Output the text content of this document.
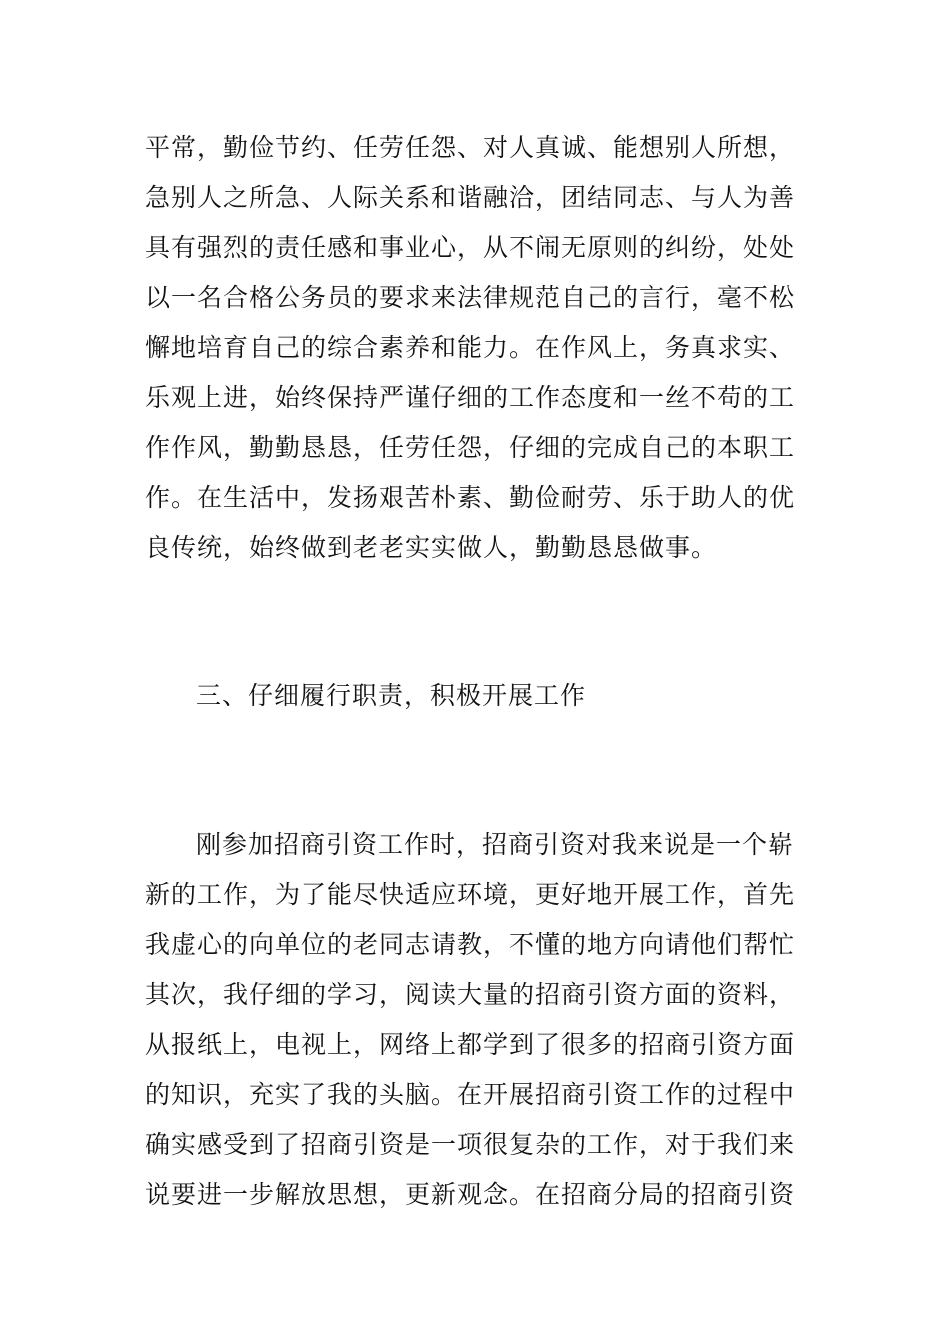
平常，勤俭节约、任劳任怨、对人真诚、能想别人所想，
急别人之所急、人际关系和谐融洽，团结同志、与人为善
具有强烈的责任感和事业心，从不闹无原则的纠纷，处处
以一名合格公务员的要求来法律规范自己的言行，毫不松
懈地培育自己的综合素养和能力。在作风上，务真求实、
乐观上进，始终保持严谨仔细的工作态度和一丝不苟的工
作作风，勤勤恳恳，任劳任怨，仔细的完成自己的本职工
作。在生活中，发扬艰苦朴素、勤俭耐劳、乐于助人的优
良传统，始终做到老老实实做人，勤勤恳恳做事。
三、仔细履行职责，积极开展工作
刚参加招商引资工作时，招商引资对我来说是一个崭
新的工作，为了能尽快适应环境，更好地开展工作，首先
我虚心的向单位的老同志请教，不懂的地方向请他们帮忙
其次，我仔细的学习，阅读大量的招商引资方面的资料，
从报纸上，电视上，网络上都学到了很多的招商引资方面
的知识，充实了我的头脑。在开展招商引资工作的过程中
确实感受到了招商引资是一项很复杂的工作，对于我们来
说要进一步解放思想，更新观念。在招商分局的招商引资
